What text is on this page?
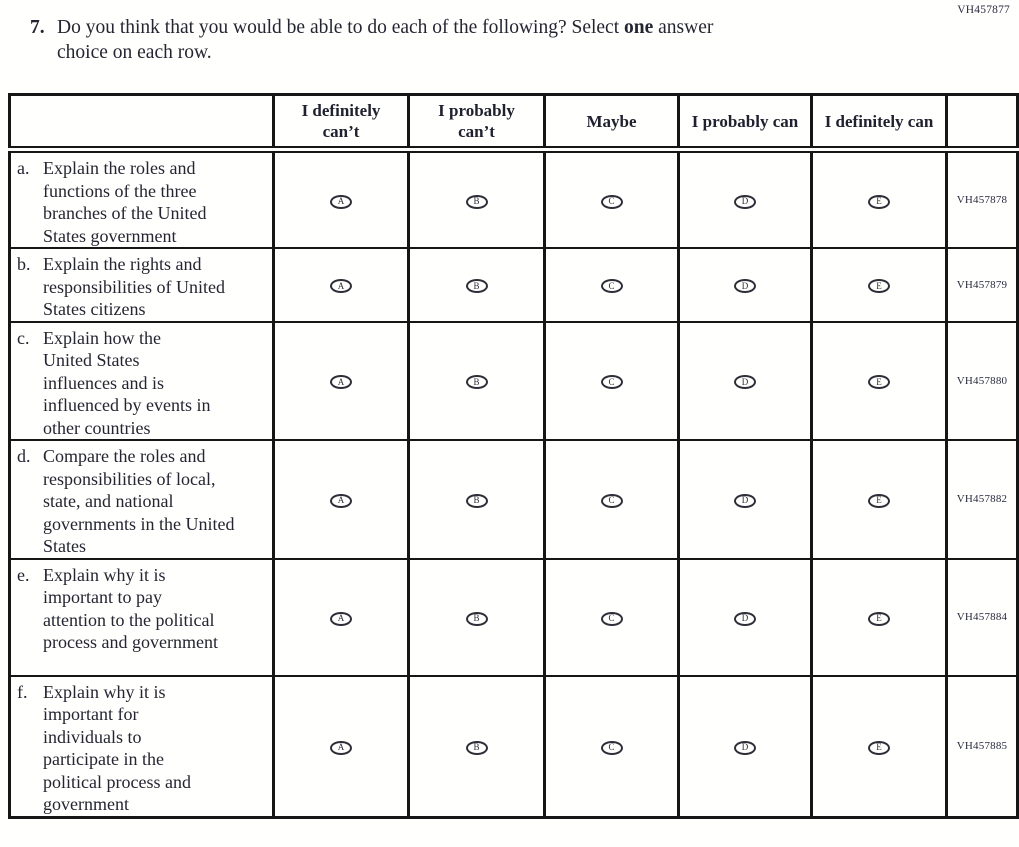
VH457877
7. Do you think that you would be able to do each of the following? Select one answer
choice on each row.
	I definitely can’t	I probably can’t	Maybe	I probably can	I definitely can	

a. Explain the roles and functions of the three branches of the United States government	A	B	C	D	E	VH457878

b. Explain the rights and responsibilities of United States citizens	A	B	C	D	E	VH457879

c. Explain how the United States influences and is influenced by events in other countries	A	B	C	D	E	VH457880

d. Compare the roles and responsibilities of local, state, and national governments in the United States	A	B	C	D	E	VH457882

e. Explain why it is important to pay attention to the political process and government	A	B	C	D	E	VH457884

f. Explain why it is important for individuals to participate in the political process and government	A	B	C	D	E	VH457885
